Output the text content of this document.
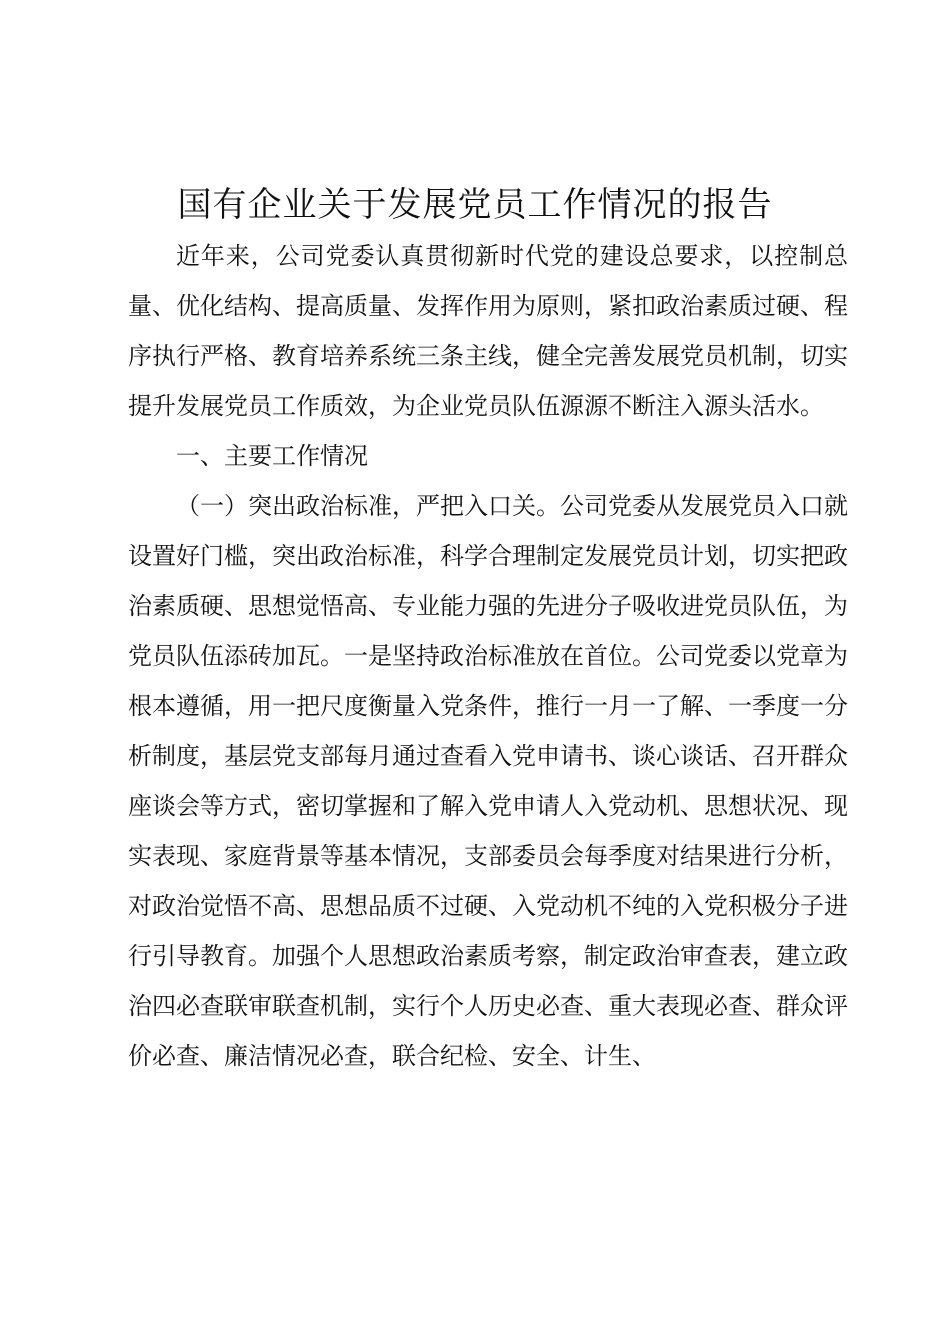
国有企业关于发展党员工作情况的报告

近年来，公司党委认真贯彻新时代党的建设总要求，以控制总量、优化结构、提高质量、发挥作用为原则，紧扣政治素质过硬、程序执行严格、教育培养系统三条主线，健全完善发展党员机制，切实提升发展党员工作质效，为企业党员队伍源源不断注入源头活水。

一、主要工作情况

（一）突出政治标准，严把入口关。公司党委从发展党员入口就设置好门槛，突出政治标准，科学合理制定发展党员计划，切实把政治素质硬、思想觉悟高、专业能力强的先进分子吸收进党员队伍，为党员队伍添砖加瓦。一是坚持政治标准放在首位。公司党委以党章为根本遵循，用一把尺度衡量入党条件，推行一月一了解、一季度一分析制度，基层党支部每月通过查看入党申请书、谈心谈话、召开群众座谈会等方式，密切掌握和了解入党申请人入党动机、思想状况、现实表现、家庭背景等基本情况，支部委员会每季度对结果进行分析，对政治觉悟不高、思想品质不过硬、入党动机不纯的入党积极分子进行引导教育。加强个人思想政治素质考察，制定政治审查表，建立政治四必查联审联查机制，实行个人历史必查、重大表现必查、群众评价必查、廉洁情况必查，联合纪检、安全、计生、
